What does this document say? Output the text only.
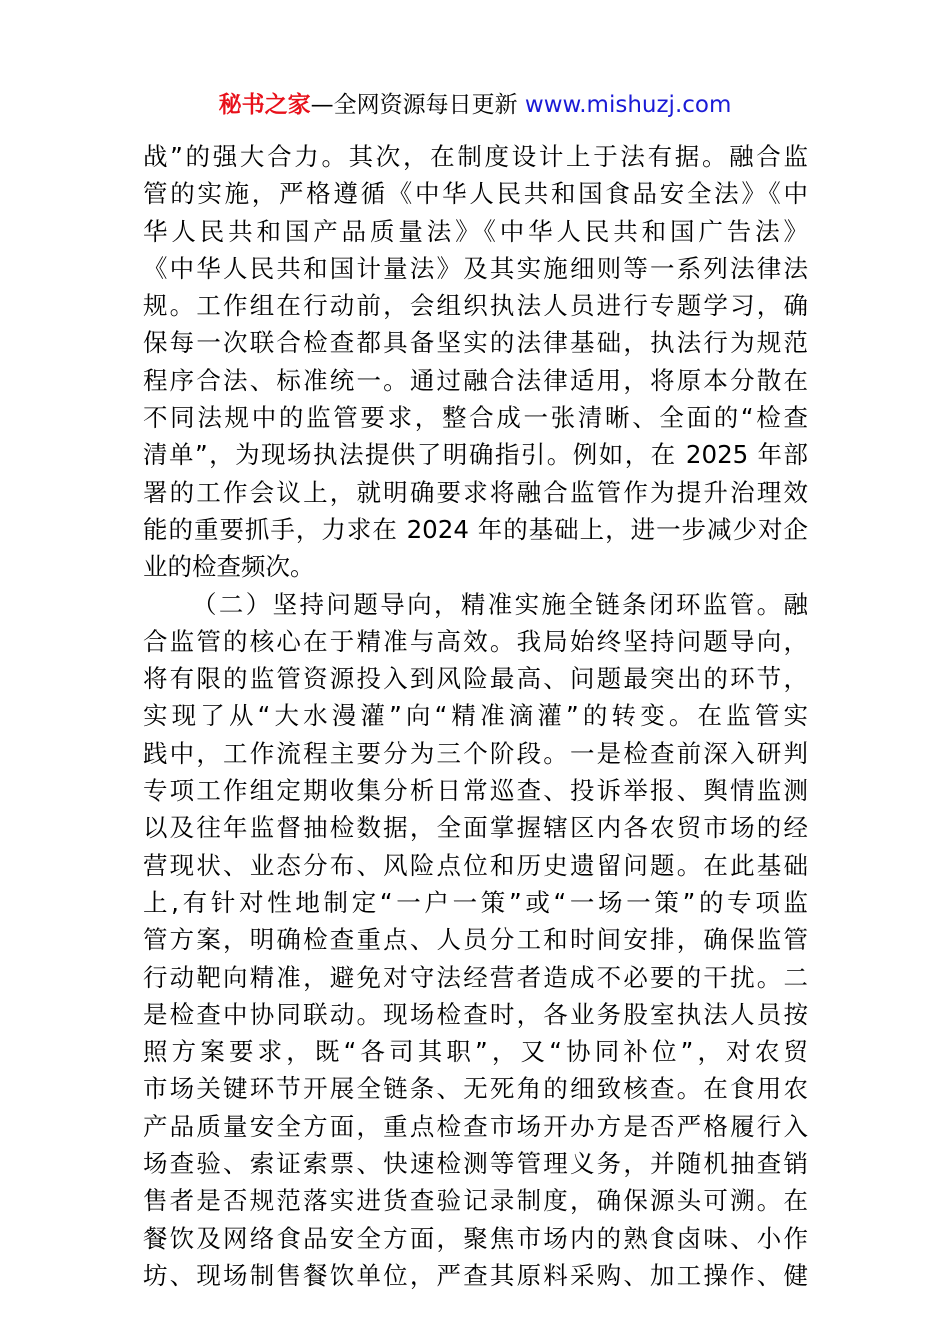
秘书之家—全网资源每日更新 www.mishuzj.com
战”的强大合力。其次，在制度设计上于法有据。融合监
管的实施，严格遵循《中华人民共和国食品安全法》《中
华人民共和国产品质量法》《中华人民共和国广告法》
《中华人民共和国计量法》及其实施细则等一系列法律法
规。工作组在行动前，会组织执法人员进行专题学习，确
保每一次联合检查都具备坚实的法律基础，执法行为规范
程序合法、标准统一。通过融合法律适用，将原本分散在
不同法规中的监管要求，整合成一张清晰、全面的“检查
清单”，为现场执法提供了明确指引。例如，在 2025 年部
署的工作会议上，就明确要求将融合监管作为提升治理效
能的重要抓手，力求在 2024 年的基础上，进一步减少对企
业的检查频次。
（二）坚持问题导向，精准实施全链条闭环监管。融
合监管的核心在于精准与高效。我局始终坚持问题导向，
将有限的监管资源投入到风险最高、问题最突出的环节，
实现了从“大水漫灌”向“精准滴灌”的转变。在监管实
践中，工作流程主要分为三个阶段。一是检查前深入研判
专项工作组定期收集分析日常巡查、投诉举报、舆情监测
以及往年监督抽检数据，全面掌握辖区内各农贸市场的经
营现状、业态分布、风险点位和历史遗留问题。在此基础
上,有针对性地制定“一户一策”或“一场一策”的专项监
管方案，明确检查重点、人员分工和时间安排，确保监管
行动靶向精准，避免对守法经营者造成不必要的干扰。二
是检查中协同联动。现场检查时，各业务股室执法人员按
照方案要求，既“各司其职”，又“协同补位”，对农贸
市场关键环节开展全链条、无死角的细致核查。在食用农
产品质量安全方面，重点检查市场开办方是否严格履行入
场查验、索证索票、快速检测等管理义务，并随机抽查销
售者是否规范落实进货查验记录制度，确保源头可溯。在
餐饮及网络食品安全方面，聚焦市场内的熟食卤味、小作
坊、现场制售餐饮单位，严查其原料采购、加工操作、健
